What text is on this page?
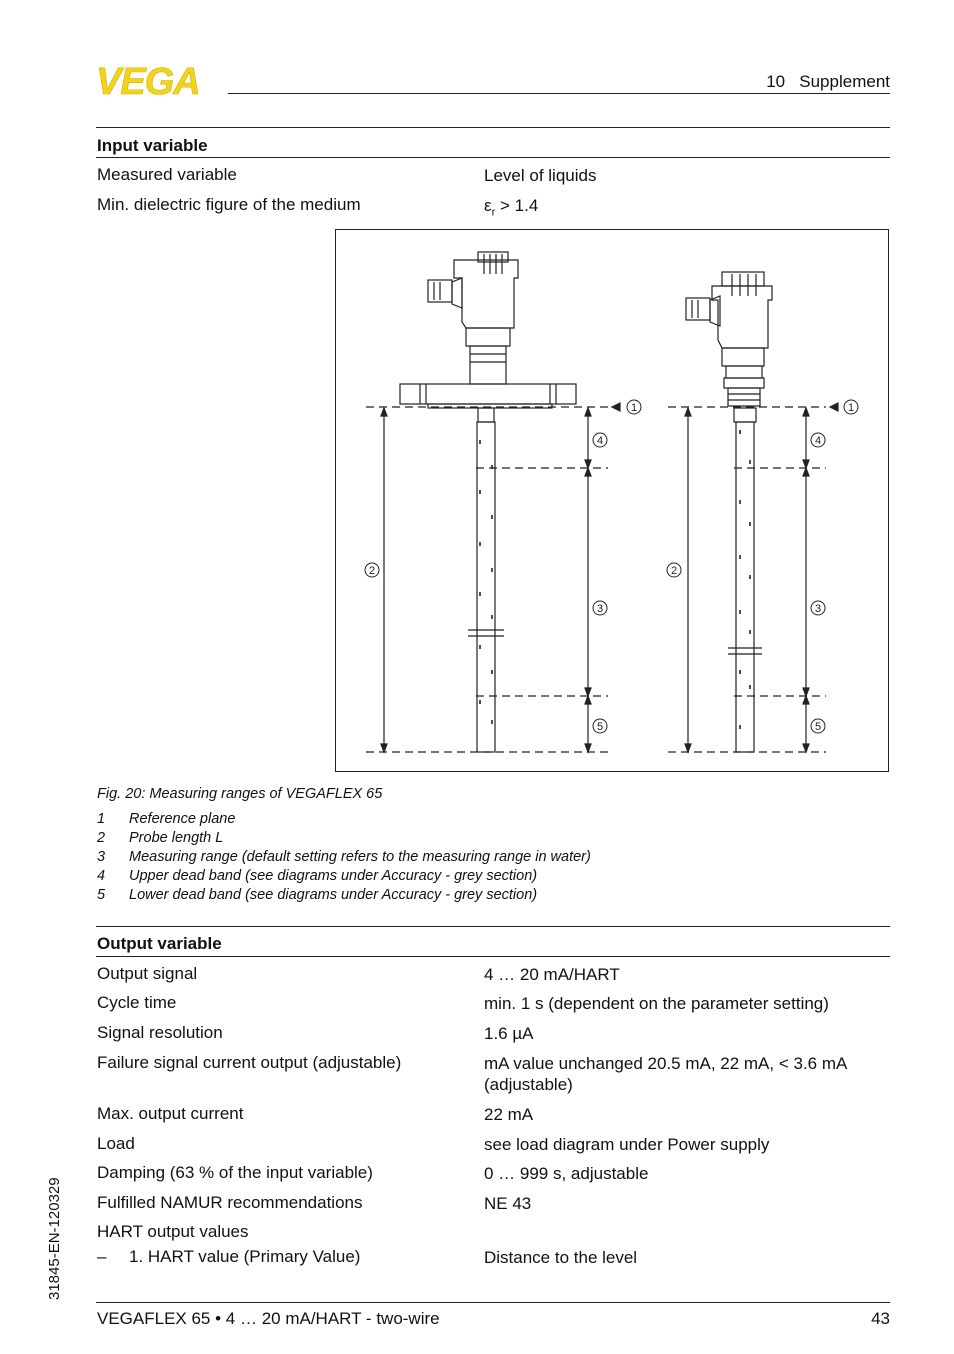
VEGA	10   Supplement
Input variable
Measured variable	Level of liquids
Min. dielectric figure of the medium	$\varepsilon_r > 1.4$
1
4
2
3
5
1
4
2
3
5
Fig. 20: Measuring ranges of VEGAFLEX 65
1 Reference plane
2 Probe length L
3 Measuring range (default setting refers to the measuring range in water)
4 Upper dead band (see diagrams under Accuracy - grey section)
5 Lower dead band (see diagrams under Accuracy - grey section)
Output variable
Output signal	4 … 20 mA/HART
Cycle time	min. 1 s (dependent on the parameter setting)
Signal resolution	1.6 µA
Failure signal current output (adjustable)	mA value unchanged 20.5 mA, 22 mA, < 3.6 mA (adjustable)
Max. output current	22 mA
Load	see load diagram under Power supply
Damping (63 % of the input variable)	0 … 999 s, adjustable
Fulfilled NAMUR recommendations	NE 43
HART output values
– 1. HART value (Primary Value)	Distance to the level
31845-EN-120329
VEGAFLEX 65 • 4 … 20 mA/HART - two-wire	43
